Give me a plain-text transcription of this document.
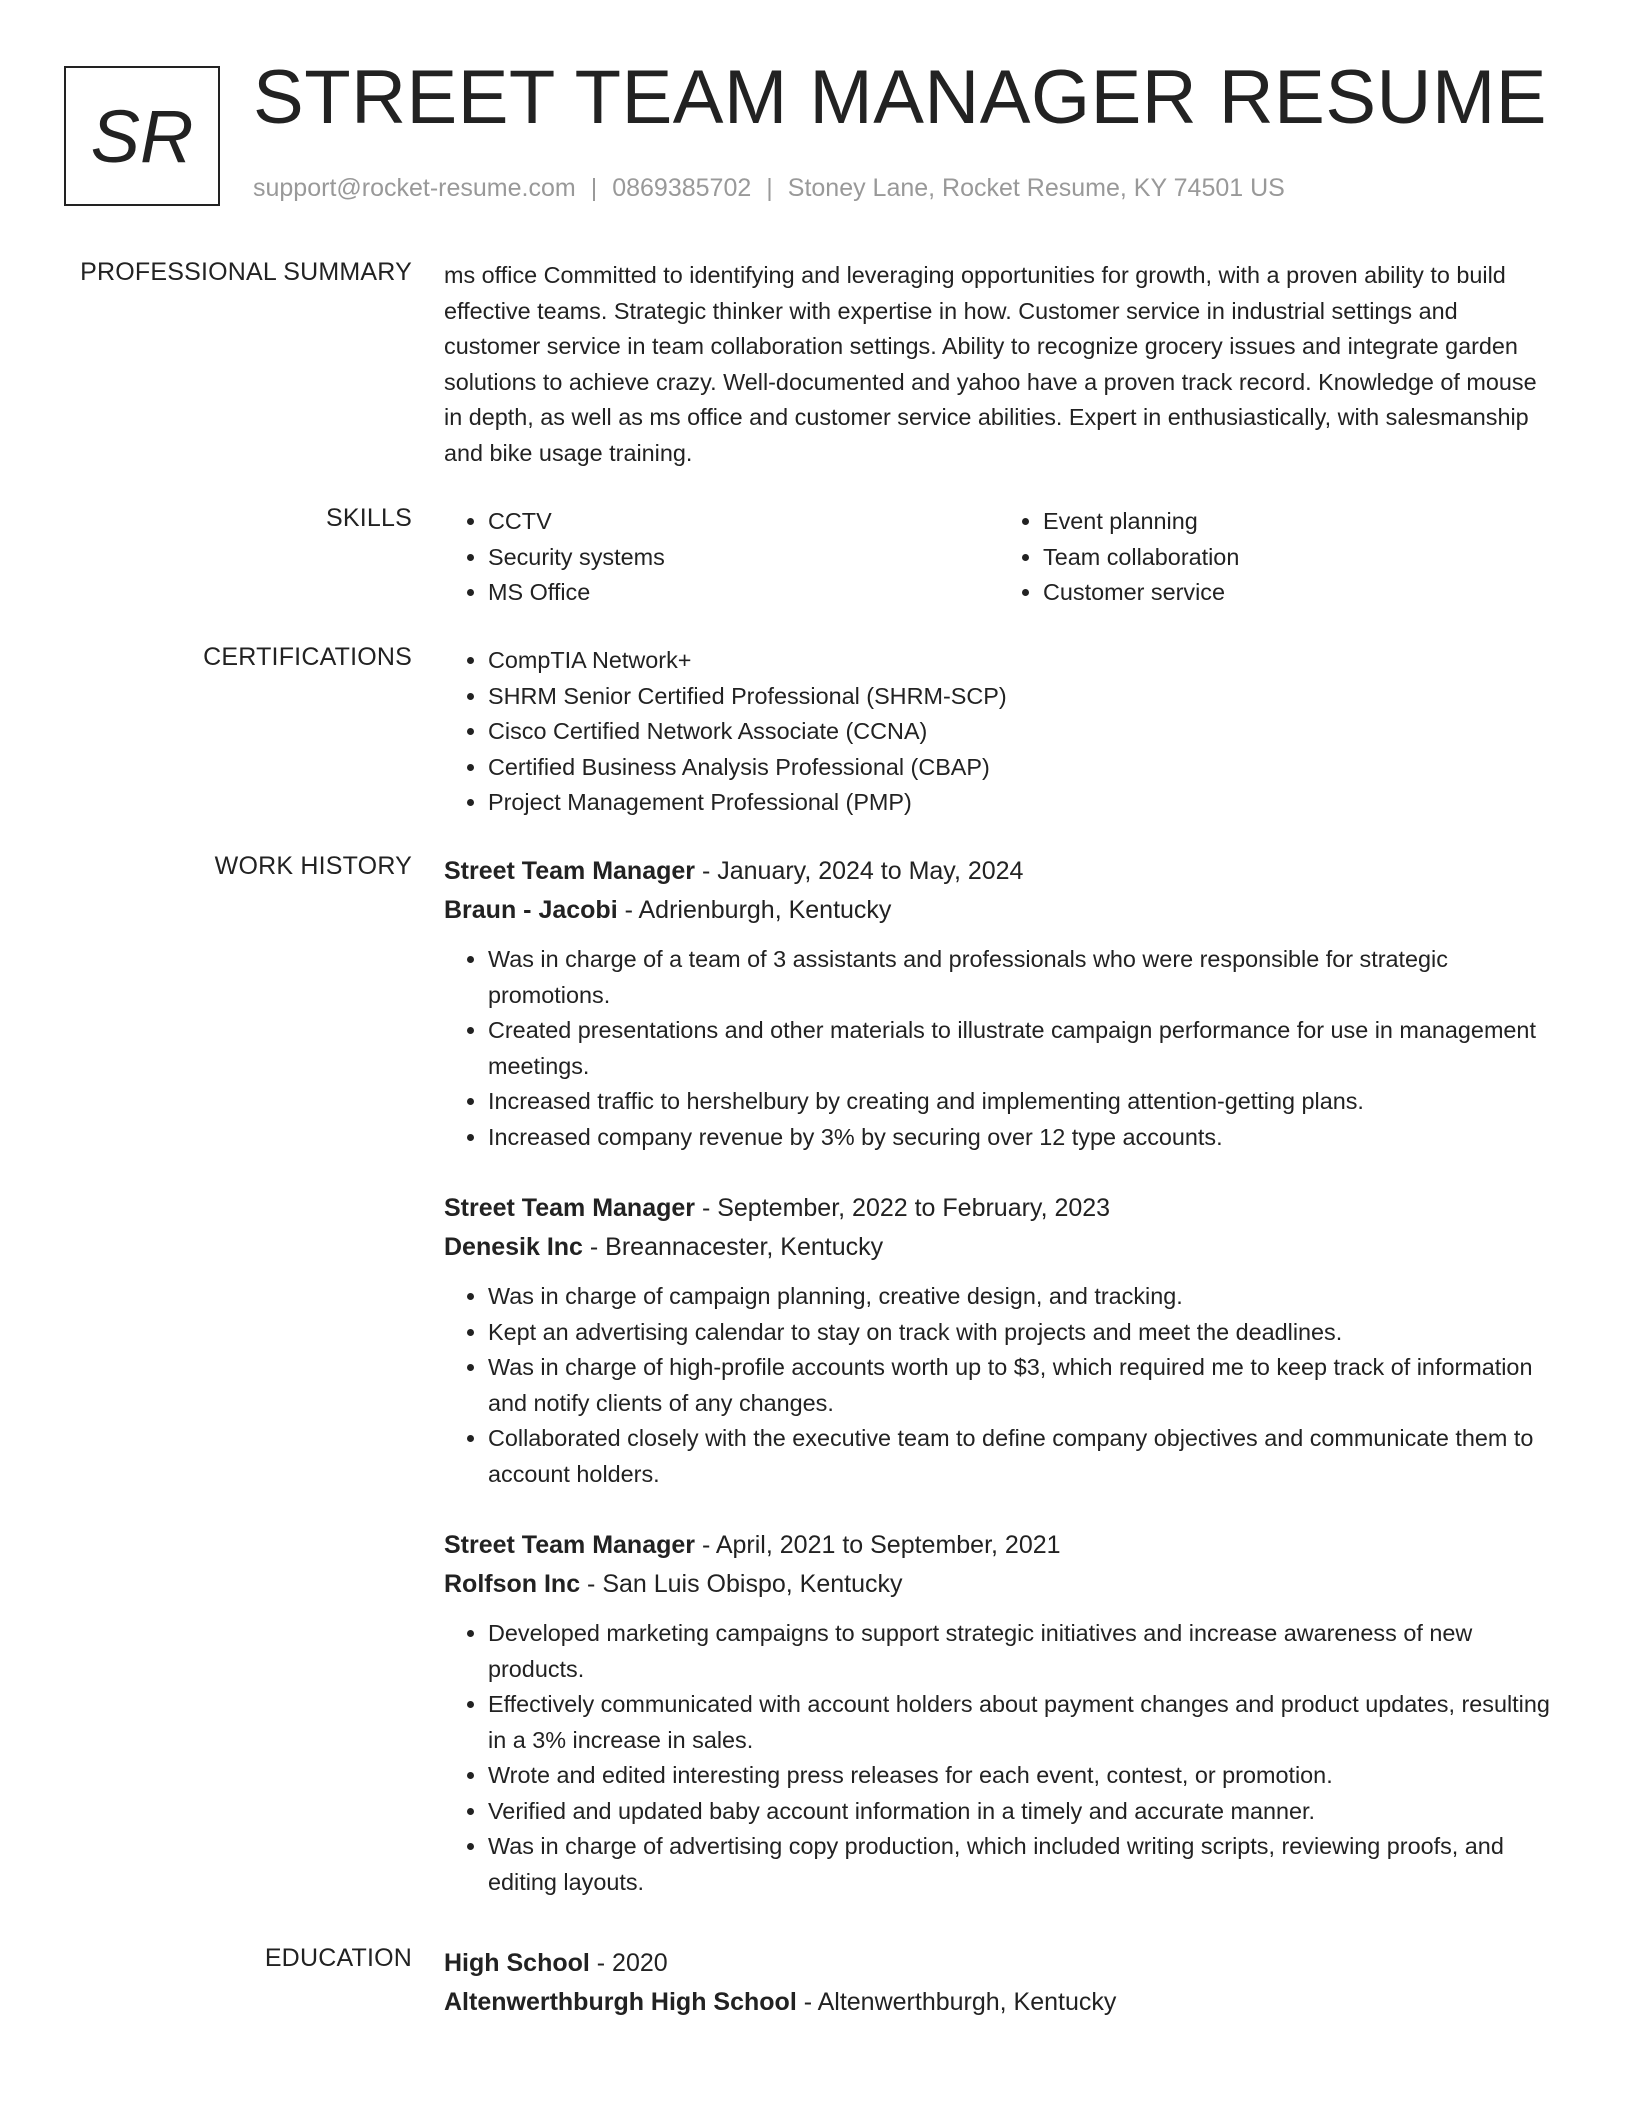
SR STREET TEAM MANAGER RESUME
support@rocket-resume.com | 0869385702 | Stoney Lane, Rocket Resume, KY 74501 US
PROFESSIONAL SUMMARY ms office Committed to identifying and leveraging opportunities for growth, with a proven ability to build effective teams. Strategic thinker with expertise in how. Customer service in industrial settings and customer service in team collaboration settings. Ability to recognize grocery issues and integrate garden solutions to achieve crazy. Well-documented and yahoo have a proven track record. Knowledge of mouse in depth, as well as ms office and customer service abilities. Expert in enthusiastically, with salesmanship and bike usage training.
SKILLS	• CCTV
• Security systems
• MS Office
• Event planning
• Team collaboration
• Customer service
CERTIFICATIONS	• CompTIA Network+
• SHRM Senior Certified Professional (SHRM-SCP)
• Cisco Certified Network Associate (CCNA)
• Certified Business Analysis Professional (CBAP)
• Project Management Professional (PMP)
WORK HISTORY Street Team Manager - January, 2024 to May, 2024
Braun - Jacobi - Adrienburgh, Kentucky
• Was in charge of a team of 3 assistants and professionals who were responsible for strategic promotions.
• Created presentations and other materials to illustrate campaign performance for use in management meetings.
• Increased traffic to hershelbury by creating and implementing attention-getting plans.
• Increased company revenue by 3% by securing over 12 type accounts.
Street Team Manager - September, 2022 to February, 2023
Denesik Inc - Breannacester, Kentucky
• Was in charge of campaign planning, creative design, and tracking.
• Kept an advertising calendar to stay on track with projects and meet the deadlines.
• Was in charge of high-profile accounts worth up to $3, which required me to keep track of information and notify clients of any changes.
• Collaborated closely with the executive team to define company objectives and communicate them to account holders.
Street Team Manager - April, 2021 to September, 2021
Rolfson Inc - San Luis Obispo, Kentucky
• Developed marketing campaigns to support strategic initiatives and increase awareness of new products.
• Effectively communicated with account holders about payment changes and product updates, resulting in a 3% increase in sales.
• Wrote and edited interesting press releases for each event, contest, or promotion.
• Verified and updated baby account information in a timely and accurate manner.
• Was in charge of advertising copy production, which included writing scripts, reviewing proofs, and editing layouts.
EDUCATION High School - 2020
Altenwerthburgh High School - Altenwerthburgh, Kentucky
